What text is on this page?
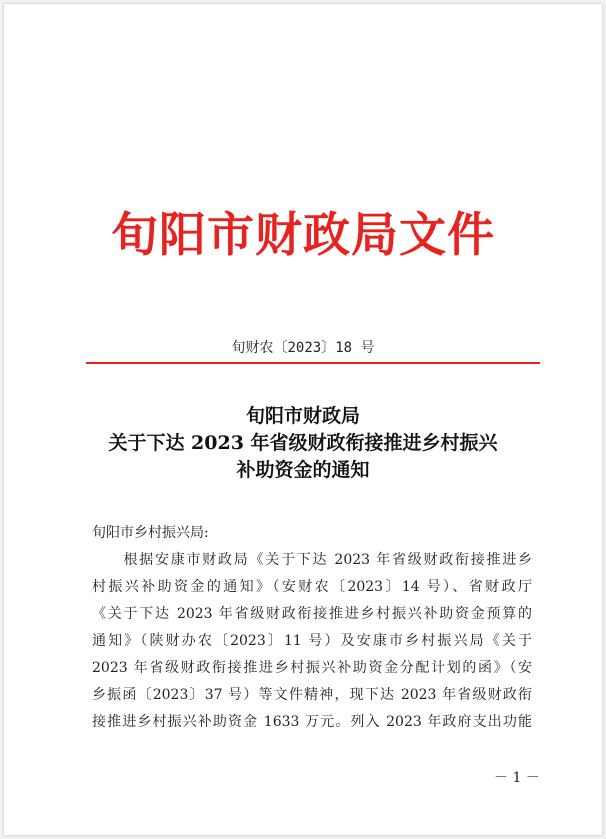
旬阳市财政局文件
旬财农〔2023〕18 号
旬阳市财政局
关于下达 2023 年省级财政衔接推进乡村振兴
补助资金的通知
旬阳市乡村振兴局:
　　根据安康市财政局《关于下达 2023 年省级财政衔接推进乡
村振兴补助资金的通知》（安财农〔2023〕14 号）、省财政厅
《关于下达 2023 年省级财政衔接推进乡村振兴补助资金预算的
通知》（陕财办农〔2023〕11 号）及安康市乡村振兴局《关于
2023 年省级财政衔接推进乡村振兴补助资金分配计划的函》（安
乡振函〔2023〕37 号）等文件精神，现下达 2023 年省级财政衔
接推进乡村振兴补助资金 1633 万元。列入 2023 年政府支出功能
－ 1 －
